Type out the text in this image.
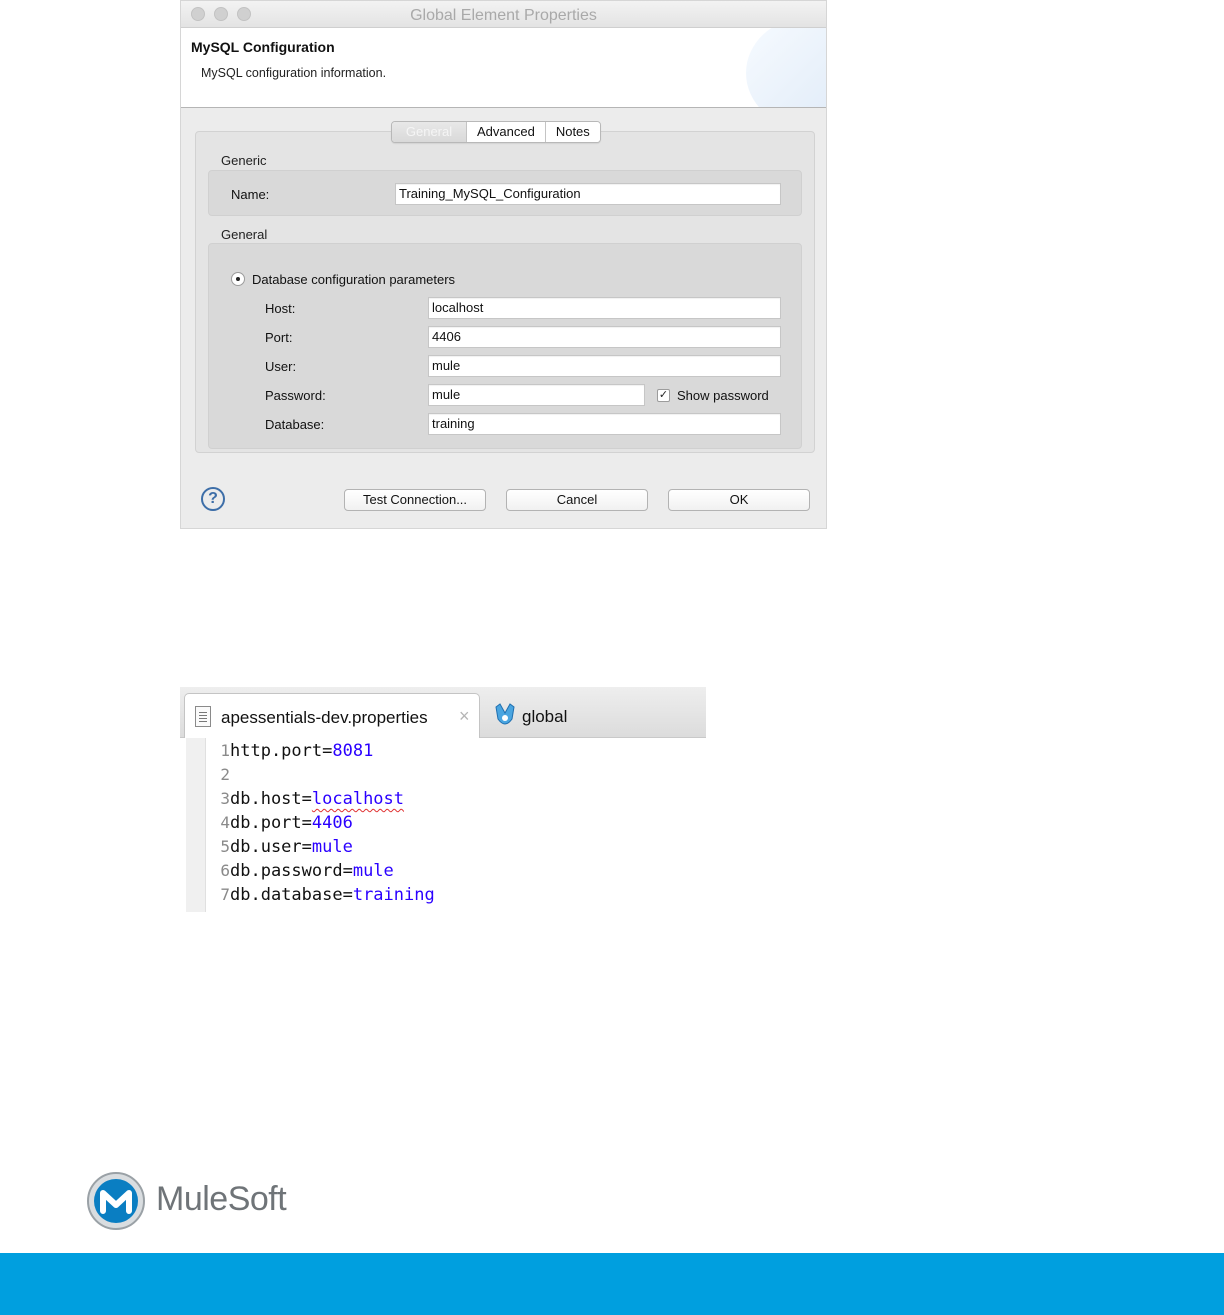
Global Element Properties
MySQL Configuration
MySQL configuration information.
General	Advanced	Notes
Generic
Name:	Training_MySQL_Configuration
General
Database configuration parameters
Host:	localhost
Port:	4406
User:	mule
Password:	mule	✓ Show password
Database:	training
?	Test Connection...	Cancel	OK
apessentials-dev.properties ×	global
1http.port=8081
2
3db.host=localhost
4db.port=4406
5db.user=mule
6db.password=mule
7db.database=training
MuleSoft
